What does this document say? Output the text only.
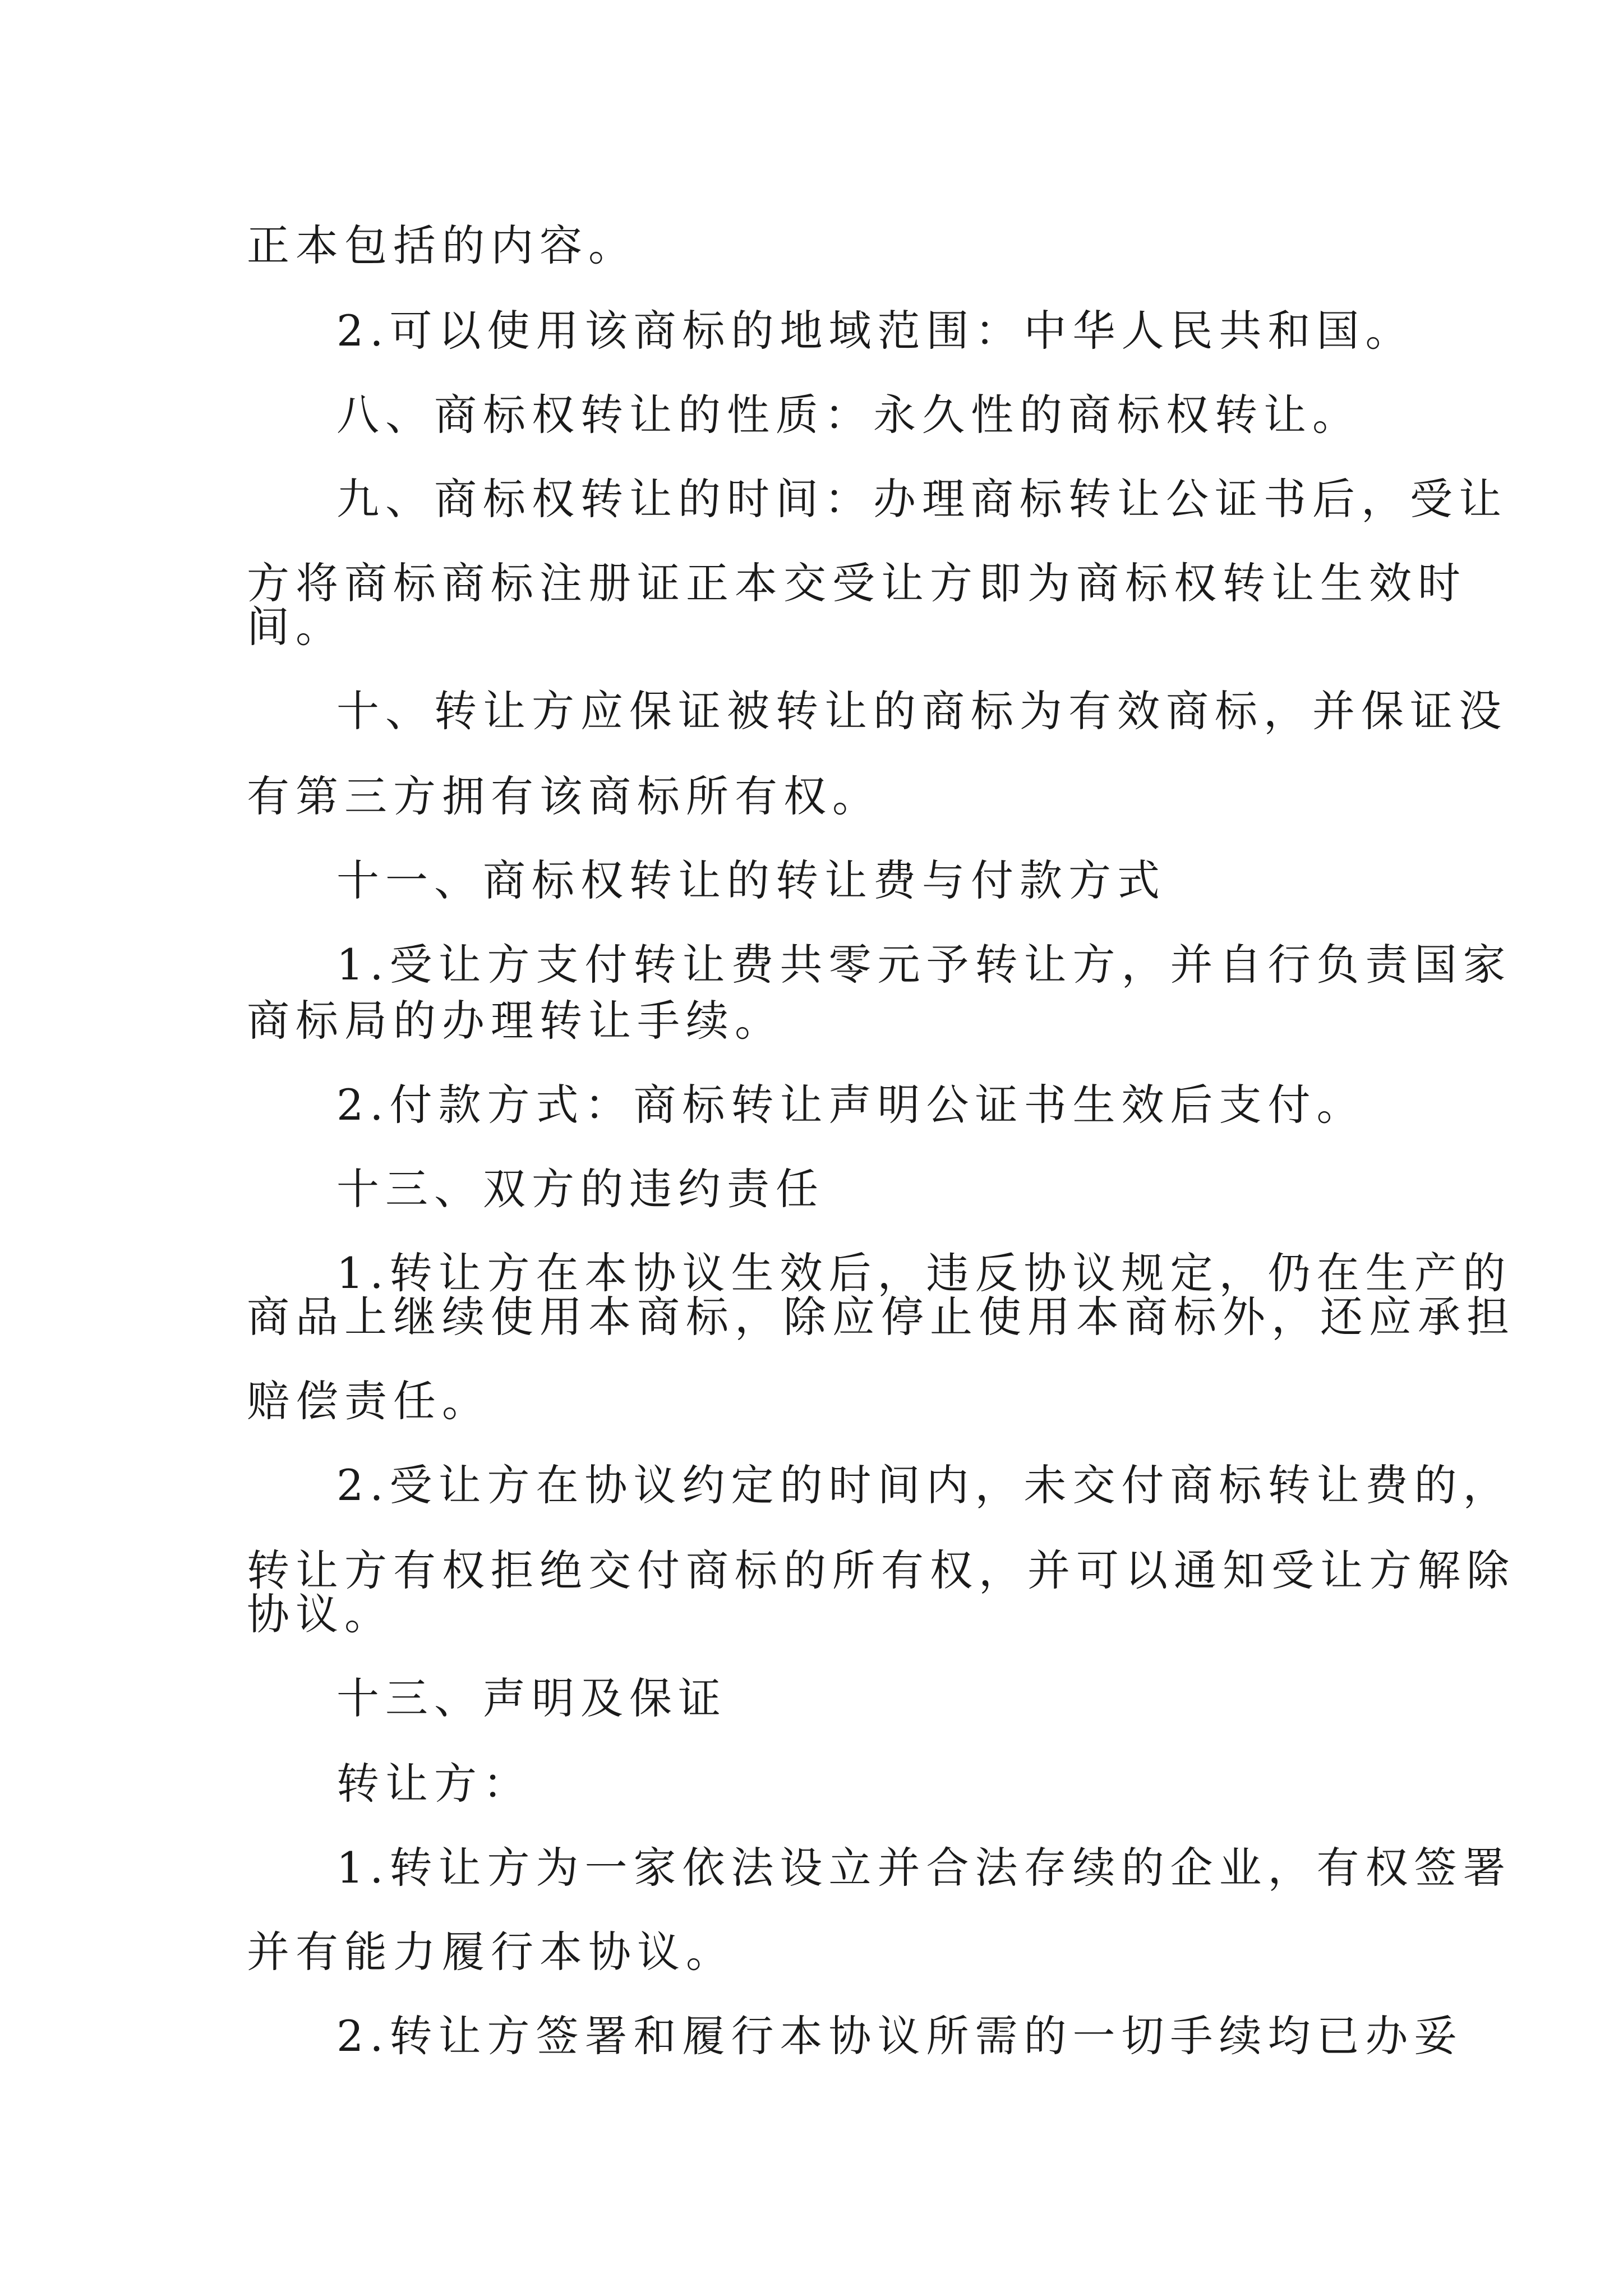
正本包括的内容。
2.可以使用该商标的地域范围：中华人民共和国。
八、商标权转让的性质：永久性的商标权转让。
九、商标权转让的时间：办理商标转让公证书后，受让
方将商标商标注册证正本交受让方即为商标权转让生效时
间。
十、转让方应保证被转让的商标为有效商标，并保证没
有第三方拥有该商标所有权。
十一、商标权转让的转让费与付款方式
1.受让方支付转让费共零元予转让方，并自行负责国家
商标局的办理转让手续。
2.付款方式：商标转让声明公证书生效后支付。
十三、双方的违约责任
1.转让方在本协议生效后，违反协议规定，仍在生产的
商品上继续使用本商标，除应停止使用本商标外，还应承担
赔偿责任。
2.受让方在协议约定的时间内，未交付商标转让费的，
转让方有权拒绝交付商标的所有权，并可以通知受让方解除
协议。
十三、声明及保证
转让方：
1.转让方为一家依法设立并合法存续的企业，有权签署
并有能力履行本协议。
2.转让方签署和履行本协议所需的一切手续均已办妥
